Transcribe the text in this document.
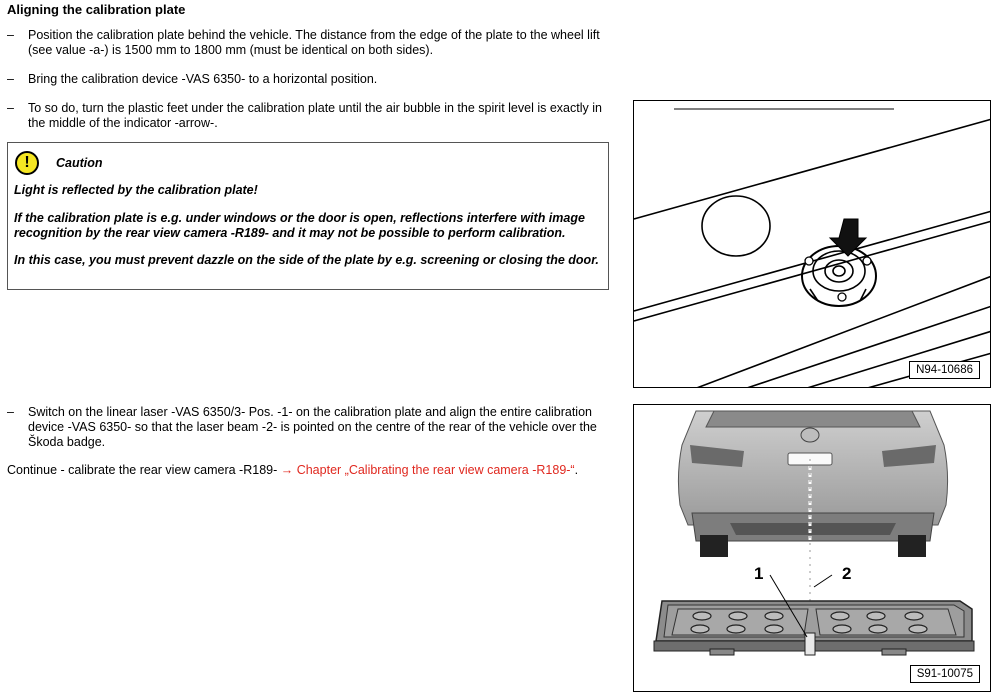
Aligning the calibration plate
– Position the calibration plate behind the vehicle. The distance from the edge of the plate to the wheel lift (see value -a-) is 1500 mm to 1800 mm (must be identical on both sides).
– Bring the calibration device -VAS 6350- to a horizontal position.
– To so do, turn the plastic feet under the calibration plate until the air bubble in the spirit level is exactly in the middle of the indicator -arrow-.
!	Caution
Light is reflected by the calibration plate!
If the calibration plate is e.g. under windows or the door is open, reflections interfere with image recognition by the rear view camera -R189- and it may not be possible to perform calibration.
In this case, you must prevent dazzle on the side of the plate by e.g. screening or closing the door.
– Switch on the linear laser -VAS 6350/3- Pos. -1- on the calibration plate and align the entire calibration device -VAS 6350- so that the laser beam -2- is pointed on the centre of the rear of the vehicle over the Škoda badge.
Continue - calibrate the rear view camera -R189- → Chapter „Calibrating the rear view camera -R189-“.
N94-10686
1	2
S91-10075
